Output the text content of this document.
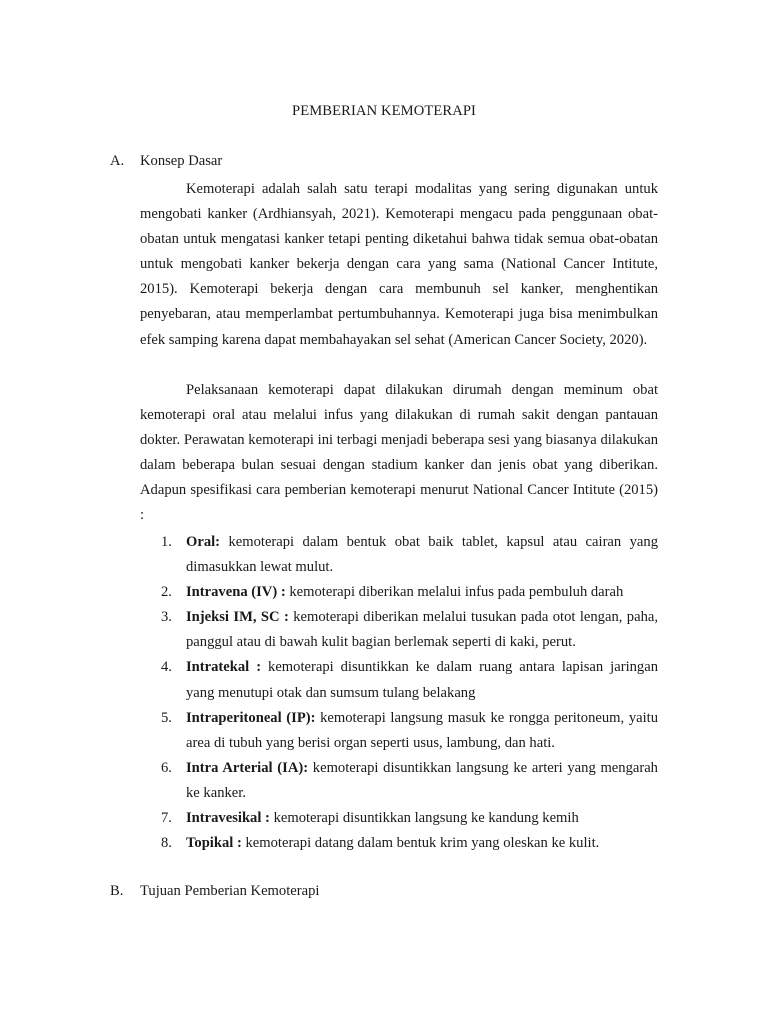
PEMBERIAN KEMOTERAPI
A. Konsep Dasar

Kemoterapi adalah salah satu terapi modalitas yang sering digunakan untuk mengobati kanker (Ardhiansyah, 2021). Kemoterapi mengacu pada penggunaan obat-obatan untuk mengatasi kanker tetapi penting diketahui bahwa tidak semua obat-obatan untuk mengobati kanker bekerja dengan cara yang sama (National Cancer Intitute, 2015). Kemoterapi bekerja dengan cara membunuh sel kanker, menghentikan penyebaran, atau memperlambat pertumbuhannya. Kemoterapi juga bisa menimbulkan efek samping karena dapat membahayakan sel sehat (American Cancer Society, 2020).

Pelaksanaan kemoterapi dapat dilakukan dirumah dengan meminum obat kemoterapi oral atau melalui infus yang dilakukan di rumah sakit dengan pantauan dokter. Perawatan kemoterapi ini terbagi menjadi beberapa sesi yang biasanya dilakukan dalam beberapa bulan sesuai dengan stadium kanker dan jenis obat yang diberikan. Adapun spesifikasi cara pemberian kemoterapi menurut National Cancer Intitute (2015) :

1. Oral: kemoterapi dalam bentuk obat baik tablet, kapsul atau cairan yang dimasukkan lewat mulut.
2. Intravena (IV) : kemoterapi diberikan melalui infus pada pembuluh darah
3. Injeksi IM, SC : kemoterapi diberikan melalui tusukan pada otot lengan, paha, panggul atau di bawah kulit bagian berlemak seperti di kaki, perut.
4. Intratekal : kemoterapi disuntikkan ke dalam ruang antara lapisan jaringan yang menutupi otak dan sumsum tulang belakang
5. Intraperitoneal (IP): kemoterapi langsung masuk ke rongga peritoneum, yaitu area di tubuh yang berisi organ seperti usus, lambung, dan hati.
6. Intra Arterial (IA): kemoterapi disuntikkan langsung ke arteri yang mengarah ke kanker.
7. Intravesikal : kemoterapi disuntikkan langsung ke kandung kemih
8. Topikal : kemoterapi datang dalam bentuk krim yang oleskan ke kulit.
B. Tujuan Pemberian Kemoterapi
